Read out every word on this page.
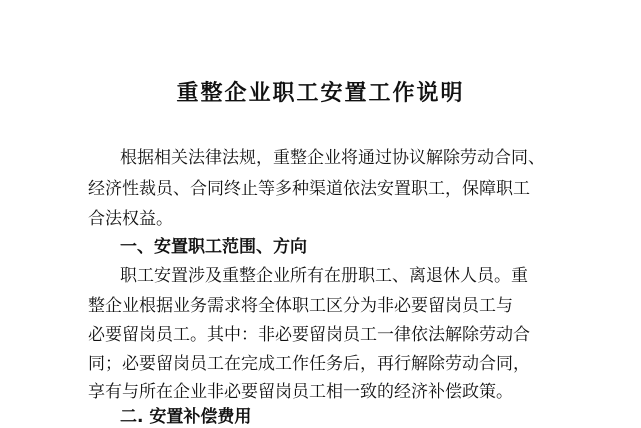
重整企业职工安置工作说明
根据相关法律法规，重整企业将通过协议解除劳动合同、
经济性裁员、合同终止等多种渠道依法安置职工，保障职工
合法权益。
一、安置职工范围、方向
职工安置涉及重整企业所有在册职工、离退休人员。重
整企业根据业务需求将全体职工区分为非必要留岗员工与
必要留岗员工。其中：非必要留岗员工一律依法解除劳动合
同；必要留岗员工在完成工作任务后，再行解除劳动合同，
享有与所在企业非必要留岗员工相一致的经济补偿政策。
二. 安置补偿费用
